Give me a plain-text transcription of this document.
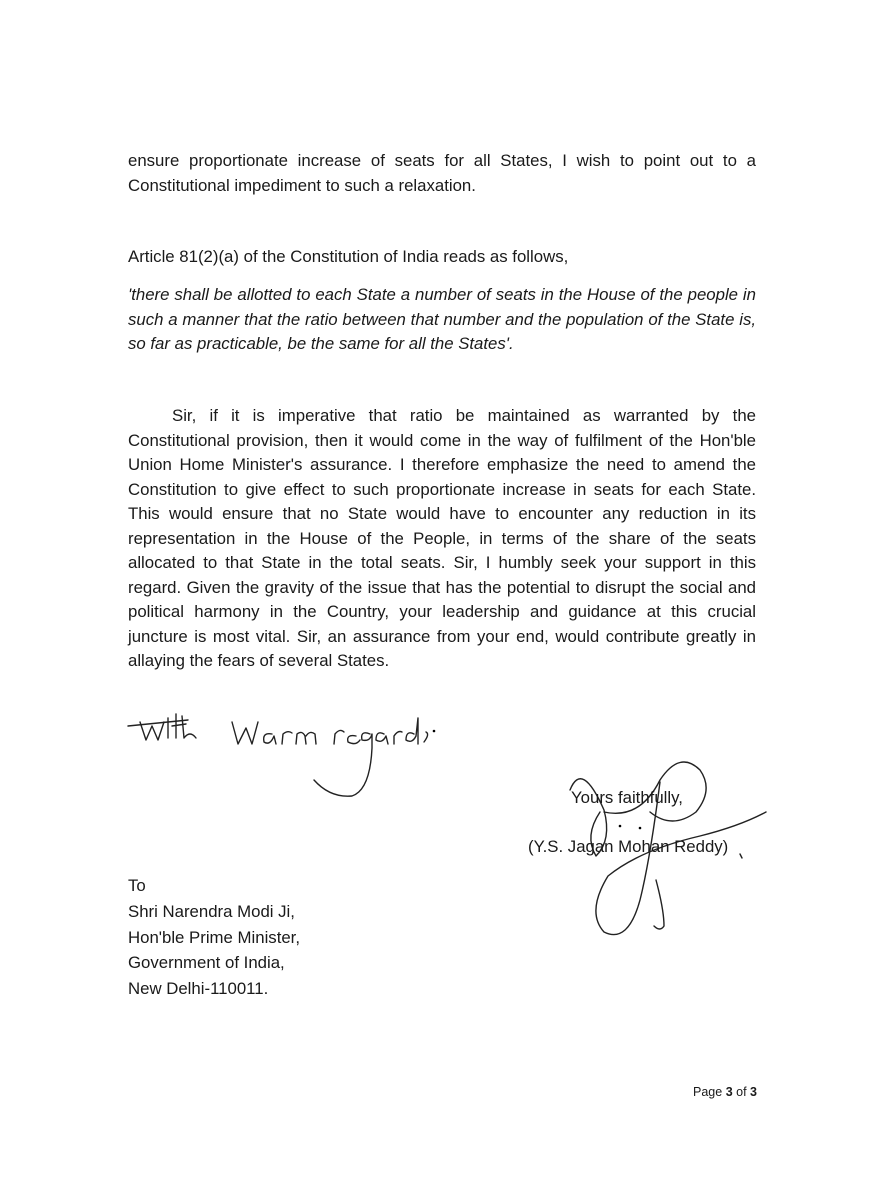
ensure proportionate increase of seats for all States, I wish to point out to a Constitutional impediment to such a relaxation.

Article 81(2)(a) of the Constitution of India reads as follows,

'there shall be allotted to each State a number of seats in the House of the people in such a manner that the ratio between that number and the population of the State is, so far as practicable, be the same for all the States'.

Sir, if it is imperative that ratio be maintained as warranted by the Constitutional provision, then it would come in the way of fulfilment of the Hon'ble Union Home Minister's assurance. I therefore emphasize the need to amend the Constitution to give effect to such proportionate increase in seats for each State. This would ensure that no State would have to encounter any reduction in its representation in the House of the People, in terms of the share of the seats allocated to that State in the total seats. Sir, I humbly seek your support in this regard. Given the gravity of the issue that has the potential to disrupt the social and political harmony in the Country, your leadership and guidance at this crucial juncture is most vital. Sir, an assurance from your end, would contribute greatly in allaying the fears of several States.

Yours faithfully,
(Y.S. Jagan Mohan Reddy)
To
Shri Narendra Modi Ji,
Hon'ble Prime Minister,
Government of India,
New Delhi-110011.
Page 3 of 3
